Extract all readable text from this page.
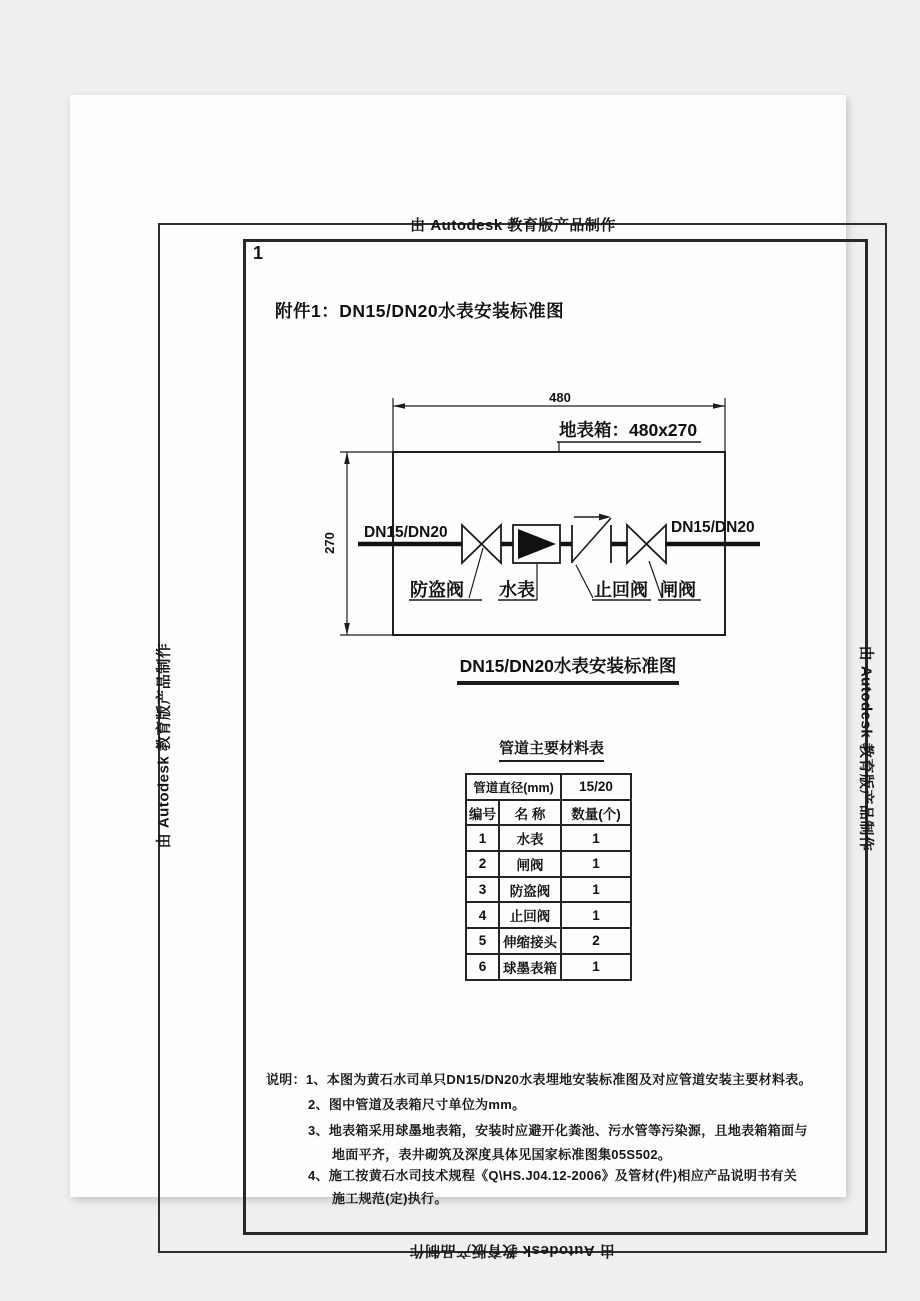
由 Autodesk 教育版产品制作
由 Autodesk 教育版产品制作
由 Autodesk 教育版产品制作	由 Autodesk 教育版产品制作
1
附件1：DN15/DN20水表安装标准图
480
270
地表箱：480x270
DN15/DN20	DN15/DN20
防盗阀 水表	止回阀 闸阀
DN15/DN20水表安装标准图
管道主要材料表
管道直径(mm)		15/20
编号	名 称	数量(个)
1	水表	1
2	闸阀	1
3	防盗阀	1
4	止回阀	1
5	伸缩接头	2
6	球墨表箱	1
说明：1、本图为黄石水司单只DN15/DN20水表埋地安装标准图及对应管道安装主要材料表。
2、图中管道及表箱尺寸单位为mm。
3、地表箱采用球墨地表箱，安装时应避开化粪池、污水管等污染源，且地表箱箱面与
地面平齐，表井砌筑及深度具体见国家标准图集05S502。
4、施工按黄石水司技术规程《Q\HS.J04.12-2006》及管材(件)相应产品说明书有关
施工规范(定)执行。
